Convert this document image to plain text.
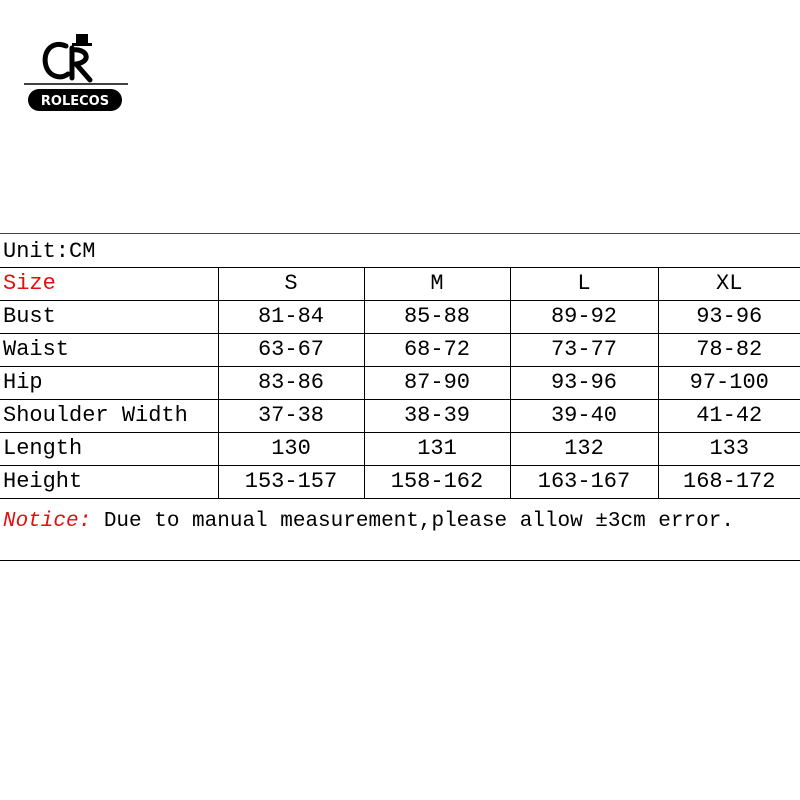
ROLECOS
Unit:CM
Size	S	M	L	XL
Bust	81-84	85-88	89-92	93-96
Waist	63-67	68-72	73-77	78-82
Hip	83-86	87-90	93-96	97-100
Shoulder Width	37-38	38-39	39-40	41-42
Length	130	131	132	133
Height	153-157	158-162	163-167	168-172
Notice: Due to manual measurement,please allow ±3cm error.
